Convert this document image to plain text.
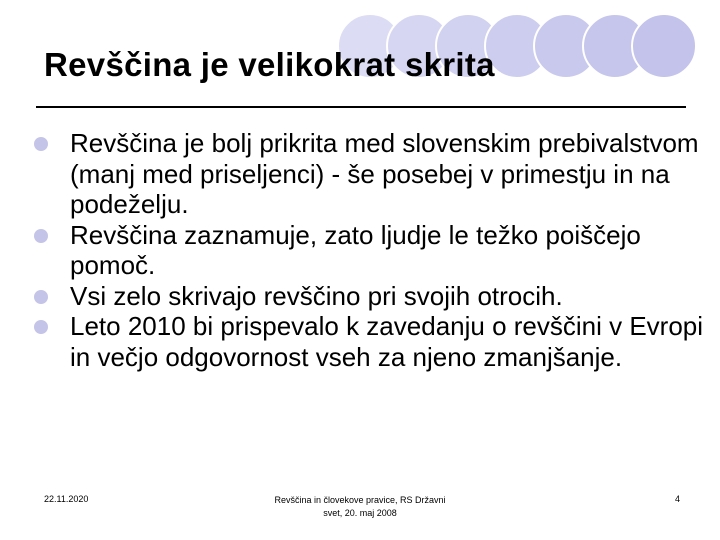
Revščina je velikokrat skrita
Revščina je bolj prikrita med slovenskim prebivalstvom (manj med priseljenci) - še posebej v primestju in na podeželju.
Revščina zaznamuje, zato ljudje le težko poiščejo pomoč.
Vsi zelo skrivajo revščino pri svojih otrocih.
Leto 2010 bi prispevalo k zavedanju o revščini v Evropi in večjo odgovornost vseh za njeno zmanjšanje.
22.11.2020	Revščina in človekove pravice, RS Državni
svet, 20. maj 2008
4
